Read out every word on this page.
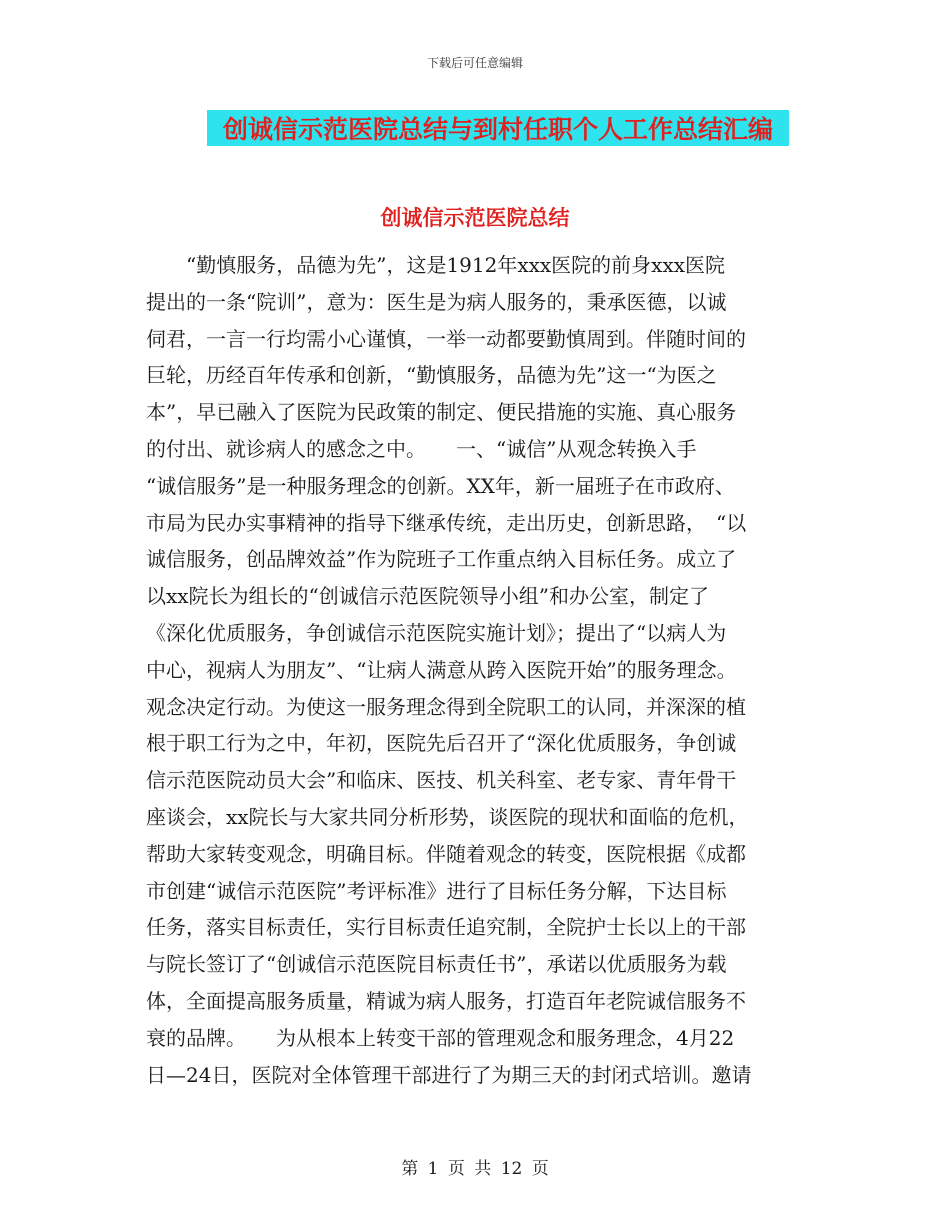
下载后可任意编辑
创诚信示范医院总结与到村任职个人工作总结汇编
创诚信示范医院总结
　　“勤慎服务，品德为先”，这是1912年xxx医院的前身xxx医院
提出的一条“院训”，意为：医生是为病人服务的，秉承医德，以诚
伺君，一言一行均需小心谨慎，一举一动都要勤慎周到。伴随时间的
巨轮，历经百年传承和创新，“勤慎服务，品德为先”这一“为医之
本”，早已融入了医院为民政策的制定、便民措施的实施、真心服务
的付出、就诊病人的感念之中。　　一、“诚信”从观念转换入手
“诚信服务”是一种服务理念的创新。XX年，新一届班子在市政府、
市局为民办实事精神的指导下继承传统，走出历史，创新思路，　“以
诚信服务，创品牌效益”作为院班子工作重点纳入目标任务。成立了
以xx院长为组长的“创诚信示范医院领导小组”和办公室，制定了
《深化优质服务，争创诚信示范医院实施计划》；提出了“以病人为
中心，视病人为朋友”、“让病人满意从跨入医院开始”的服务理念。
观念决定行动。为使这一服务理念得到全院职工的认同，并深深的植
根于职工行为之中，年初，医院先后召开了“深化优质服务，争创诚
信示范医院动员大会”和临床、医技、机关科室、老专家、青年骨干
座谈会，xx院长与大家共同分析形势，谈医院的现状和面临的危机，
帮助大家转变观念，明确目标。伴随着观念的转变，医院根据《成都
市创建“诚信示范医院”考评标准》进行了目标任务分解，下达目标
任务，落实目标责任，实行目标责任追究制，全院护士长以上的干部
与院长签订了“创诚信示范医院目标责任书”，承诺以优质服务为载
体，全面提高服务质量，精诚为病人服务，打造百年老院诚信服务不
衰的品牌。　　为从根本上转变干部的管理观念和服务理念，4月22
日—24日，医院对全体管理干部进行了为期三天的封闭式培训。邀请
第 1 页 共 12 页
